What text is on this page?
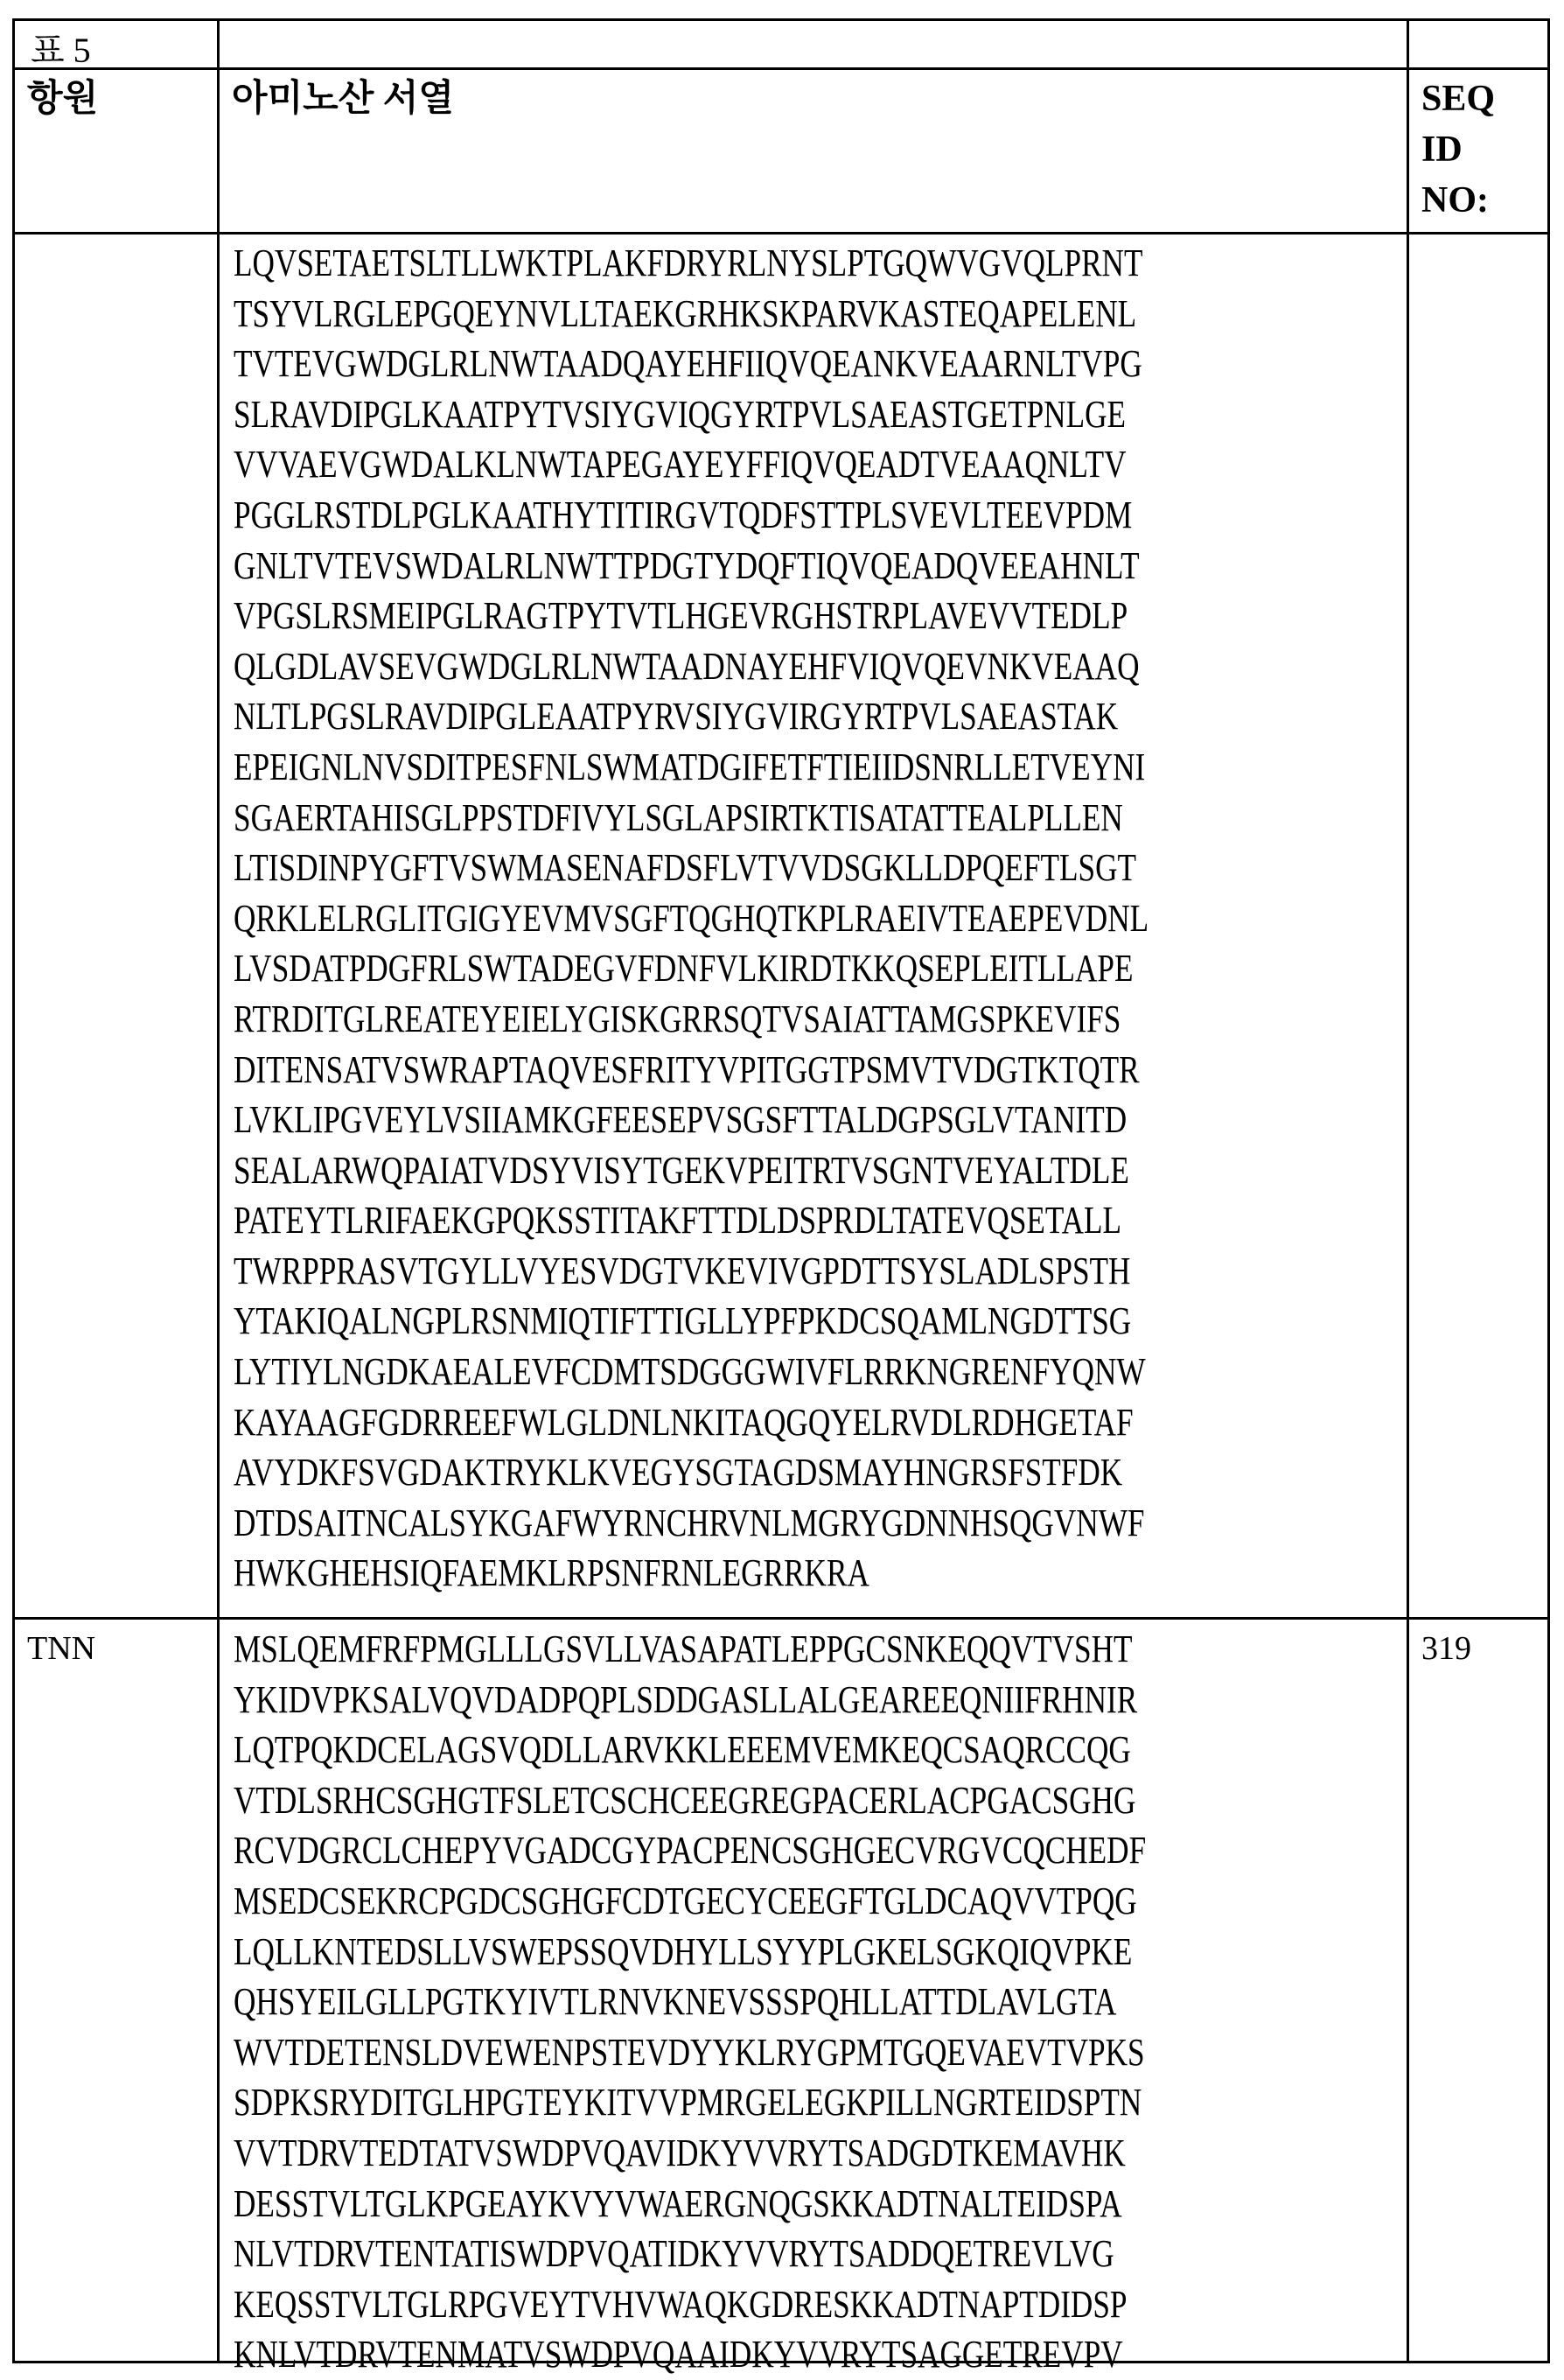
표 5
항원	아미노산 서열	SEQ
ID
NO:
TNN	319
LQVSETAETSLTLLWKTPLAKFDRYRLNYSLPTGQWVGVQLPRNT
TSYVLRGLEPGQEYNVLLTAEKGRHKSKPARVKASTEQAPELENL
TVTEVGWDGLRLNWTAADQAYEHFIIQVQEANKVEAARNLTVPG
SLRAVDIPGLKAATPYTVSIYGVIQGYRTPVLSAEASTGETPNLGE
VVVAEVGWDALKLNWTAPEGAYEYFFIQVQEADTVEAAQNLTV
PGGLRSTDLPGLKAATHYTITIRGVTQDFSTTPLSVEVLTEEVPDM
GNLTVTEVSWDALRLNWTTPDGTYDQFTIQVQEADQVEEAHNLT
VPGSLRSMEIPGLRAGTPYTVTLHGEVRGHSTRPLAVEVVTEDLP
QLGDLAVSEVGWDGLRLNWTAADNAYEHFVIQVQEVNKVEAAQ
NLTLPGSLRAVDIPGLEAATPYRVSIYGVIRGYRTPVLSAEASTAK
EPEIGNLNVSDITPESFNLSWMATDGIFETFTIEIIDSNRLLETVEYNI
SGAERTAHISGLPPSTDFIVYLSGLAPSIRTKTISATATTEALPLLEN
LTISDINPYGFTVSWMASENAFDSFLVTVVDSGKLLDPQEFTLSGT
QRKLELRGLITGIGYEVMVSGFTQGHQTKPLRAEIVTEAEPEVDNL
LVSDATPDGFRLSWTADEGVFDNFVLKIRDTKKQSEPLEITLLAPE
RTRDITGLREATEYEIELYGISKGRRSQTVSAIATTAMGSPKEVIFS
DITENSATVSWRAPTAQVESFRITYVPITGGTPSMVTVDGTKTQTR
LVKLIPGVEYLVSIIAMKGFEESEPVSGSFTTALDGPSGLVTANITD
SEALARWQPAIATVDSYVISYTGEKVPEITRTVSGNTVEYALTDLE
PATEYTLRIFAEKGPQKSSTITAKFTTDLDSPRDLTATEVQSETALL
TWRPPRASVTGYLLVYESVDGTVKEVIVGPDTTSYSLADLSPSTH
YTAKIQALNGPLRSNMIQTIFTTIGLLYPFPKDCSQAMLNGDTTSG
LYTIYLNGDKAEALEVFCDMTSDGGGWIVFLRRKNGRENFYQNW
KAYAAGFGDRREEFWLGLDNLNKITAQGQYELRVDLRDHGETAF
AVYDKFSVGDAKTRYKLKVEGYSGTAGDSMAYHNGRSFSTFDK
DTDSAITNCALSYKGAFWYRNCHRVNLMGRYGDNNHSQGVNWF
HWKGHEHSIQFAEMKLRPSNFRNLEGRRKRA
MSLQEMFRFPMGLLLGSVLLVASAPATLEPPGCSNKEQQVTVSHT
YKIDVPKSALVQVDADPQPLSDDGASLLALGEAREEQNIIFRHNIR
LQTPQKDCELAGSVQDLLARVKKLEEEMVEMKEQCSAQRCCQG
VTDLSRHCSGHGTFSLETCSCHCEEGREGPACERLACPGACSGHG
RCVDGRCLCHEPYVGADCGYPACPENCSGHGECVRGVCQCHEDF
MSEDCSEKRCPGDCSGHGFCDTGECYCEEGFTGLDCAQVVTPQG
LQLLKNTEDSLLVSWEPSSQVDHYLLSYYPLGKELSGKQIQVPKE
QHSYEILGLLPGTKYIVTLRNVKNEVSSSPQHLLATTDLAVLGTA
WVTDETENSLDVEWENPSTEVDYYKLRYGPMTGQEVAEVTVPKS
SDPKSRYDITGLHPGTEYKITVVPMRGELEGKPILLNGRTEIDSPTN
VVTDRVTEDTATVSWDPVQAVIDKYVVRYTSADGDTKEMAVHK
DESSTVLTGLKPGEAYKVYVWAERGNQGSKKADTNALTEIDSPA
NLVTDRVTENTATISWDPVQATIDKYVVRYTSADDQETREVLVG
KEQSSTVLTGLRPGVEYTVHVWAQKGDRESKKADTNAPTDIDSP
KNLVTDRVTENMATVSWDPVQAAIDKYVVRYTSAGGETREVPV
